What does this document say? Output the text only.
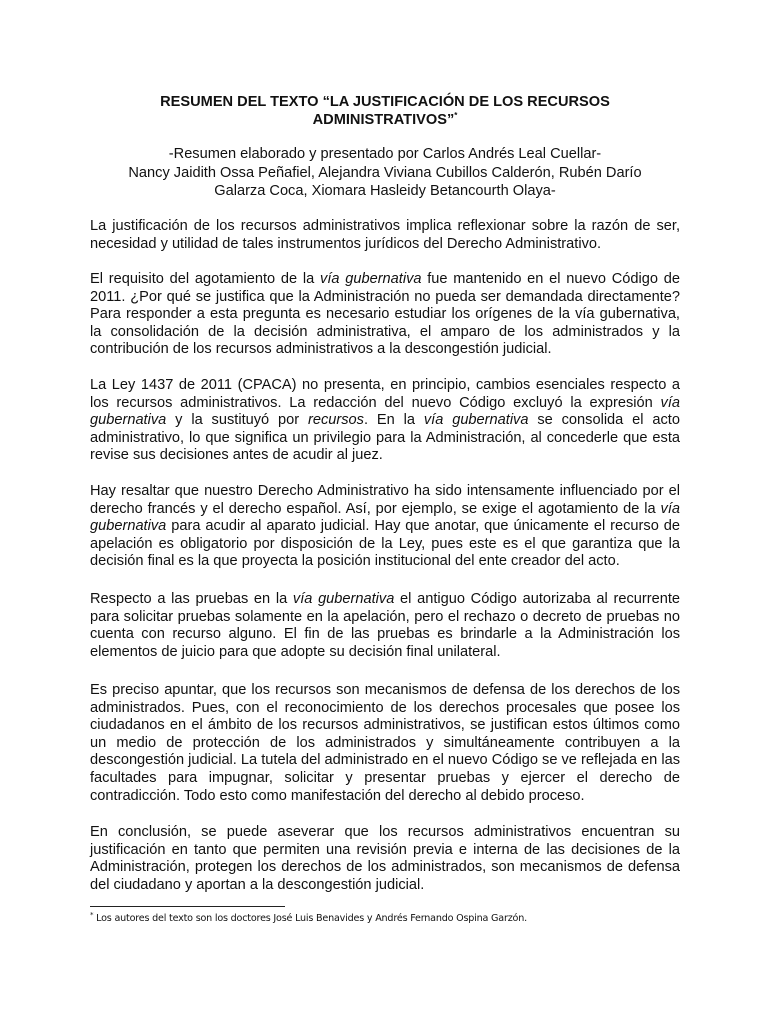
RESUMEN DEL TEXTO “LA JUSTIFICACIÓN DE LOS RECURSOS
ADMINISTRATIVOS”*

-Resumen elaborado y presentado por Carlos Andrés Leal Cuellar-
Nancy Jaidith Ossa Peñafiel, Alejandra Viviana Cubillos Calderón, Rubén Darío
Galarza Coca, Xiomara Hasleidy Betancourth Olaya-

La justificación de los recursos administrativos implica reflexionar sobre la razón de ser, necesidad y utilidad de tales instrumentos jurídicos del Derecho Administrativo.

El requisito del agotamiento de la vía gubernativa fue mantenido en el nuevo Código de 2011. ¿Por qué se justifica que la Administración no pueda ser demandada directamente? Para responder a esta pregunta es necesario estudiar los orígenes de la vía gubernativa, la consolidación de la decisión administrativa, el amparo de los administrados y la contribución de los recursos administrativos a la descongestión judicial.

La Ley 1437 de 2011 (CPACA) no presenta, en principio, cambios esenciales respecto a los recursos administrativos. La redacción del nuevo Código excluyó la expresión vía gubernativa y la sustituyó por recursos. En la vía gubernativa se consolida el acto administrativo, lo que significa un privilegio para la Administración, al concederle que esta revise sus decisiones antes de acudir al juez.

Hay resaltar que nuestro Derecho Administrativo ha sido intensamente influenciado por el derecho francés y el derecho español. Así, por ejemplo, se exige el agotamiento de la vía gubernativa para acudir al aparato judicial. Hay que anotar, que únicamente el recurso de apelación es obligatorio por disposición de la Ley, pues este es el que garantiza que la decisión final es la que proyecta la posición institucional del ente creador del acto.

Respecto a las pruebas en la vía gubernativa el antiguo Código autorizaba al recurrente para solicitar pruebas solamente en la apelación, pero el rechazo o decreto de pruebas no cuenta con recurso alguno. El fin de las pruebas es brindarle a la Administración los elementos de juicio para que adopte su decisión final unilateral.

Es preciso apuntar, que los recursos son mecanismos de defensa de los derechos de los administrados. Pues, con el reconocimiento de los derechos procesales que posee los ciudadanos en el ámbito de los recursos administrativos, se justifican estos últimos como un medio de protección de los administrados y simultáneamente contribuyen a la descongestión judicial. La tutela del administrado en el nuevo Código se ve reflejada en las facultades para impugnar, solicitar y presentar pruebas y ejercer el derecho de contradicción. Todo esto como manifestación del derecho al debido proceso.

En conclusión, se puede aseverar que los recursos administrativos encuentran su justificación en tanto que permiten una revisión previa e interna de las decisiones de la Administración, protegen los derechos de los administrados, son mecanismos de defensa del ciudadano y aportan a la descongestión judicial.

* Los autores del texto son los doctores José Luis Benavides y Andrés Fernando Ospina Garzón.
